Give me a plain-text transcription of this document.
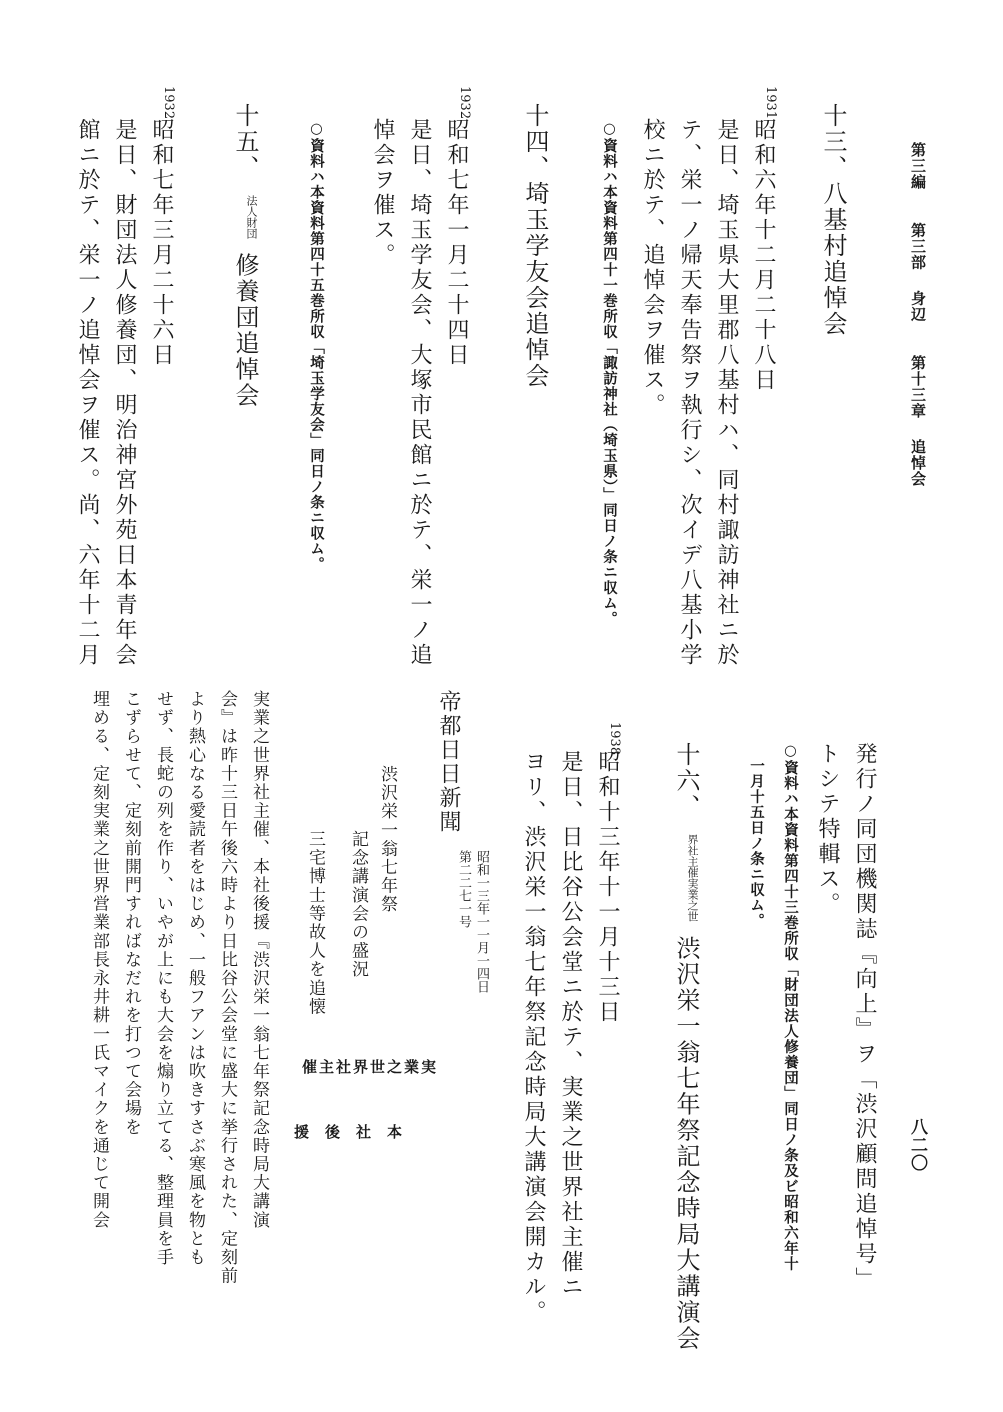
第三編 第三部 身辺 第十三章 追悼会
八二〇
十三、八基村追悼会
1931
昭和六年十二月二十八日
是日、埼玉県大里郡八基村ハ、同村諏訪神社ニ於
テ、栄一ノ帰天奉告祭ヲ執行シ、次イデ八基小学
校ニ於テ、追悼会ヲ催ス。
○資料ハ本資料第四十一巻所収「諏訪神社（埼玉県）」同日ノ条ニ収ム。
十四、埼玉学友会追悼会
1932
昭和七年一月二十四日
是日、埼玉学友会、大塚市民館ニ於テ、栄一ノ追
悼会ヲ催ス。
○資料ハ本資料第四十五巻所収「埼玉学友会」同日ノ条ニ収ム。
十五、
財団
法人
修養団追悼会
1932
昭和七年三月二十六日
是日、財団法人修養団、明治神宮外苑日本青年会
館ニ於テ、栄一ノ追悼会ヲ催ス。尚、六年十二月
発行ノ同団機関誌『向上』ヲ「渋沢顧問追悼号」
トシテ特輯ス。
○資料ハ本資料第四十三巻所収「財団法人修養団」同日ノ条及ビ昭和六年十
一月十五日ノ条ニ収ム。
十六、
実業之世
界社主催
渋沢栄一翁七年祭記念時局大講演会
1938
昭和十三年十一月十三日
是日、日比谷公会堂ニ於テ、実業之世界社主催ニ
ヨリ、渋沢栄一翁七年祭記念時局大講演会開カル。
帝都日日新聞
第二二七一号 昭和一三年一一月一四日
渋沢栄一翁七年祭
記念講演会の盛況
三宅博士等故人を追懐
実業之世界社主催
本社後援
実業之世界社主催、本社後援『渋沢栄一翁七年祭記念時局大講演
会』は昨十三日午後六時より日比谷公会堂に盛大に挙行された、定刻前
より熱心なる愛読者をはじめ、一般フアンは吹きすさぶ寒風を物とも
せず、長蛇の列を作り、いやが上にも大会を煽り立てる、整理員を手
こずらせて、定刻前開門すればなだれを打つて会場を
埋める、定刻実業之世界営業部長永井耕一氏マイクを通じて開会
